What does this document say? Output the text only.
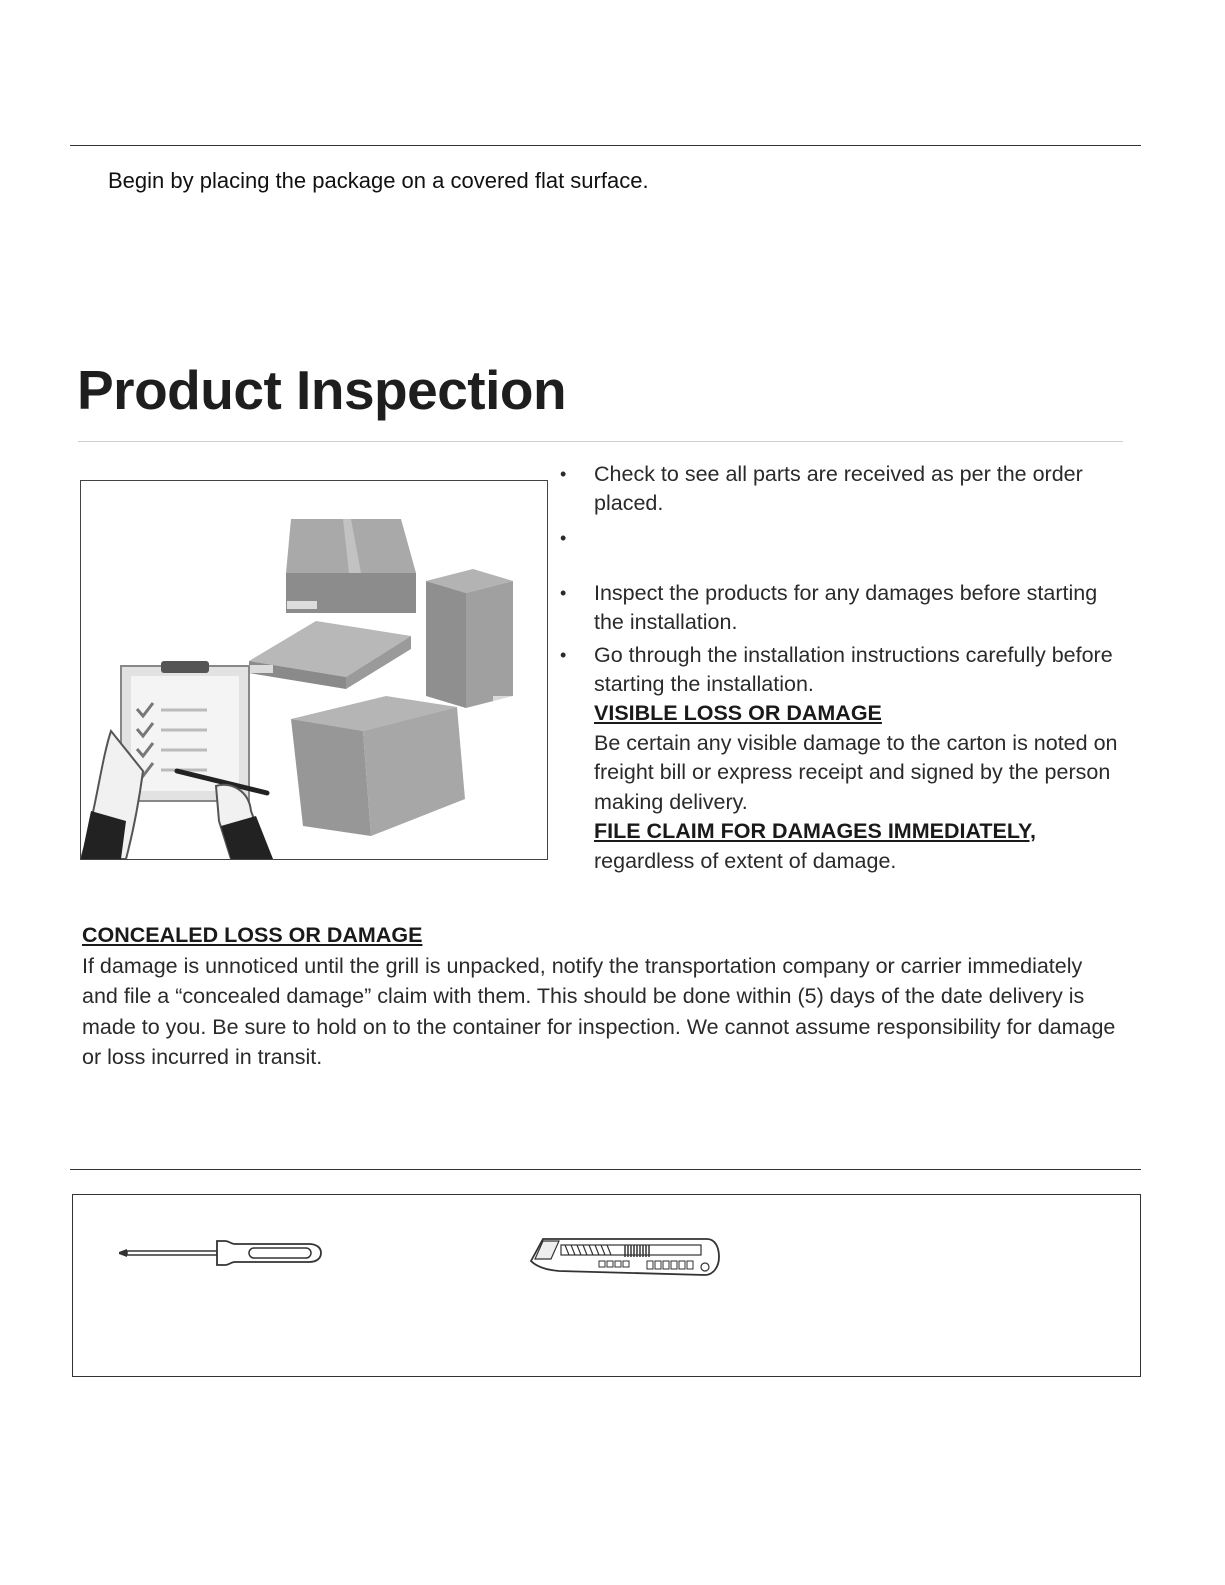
Begin by placing the package on a covered flat surface.
Product Inspection
• Check to see all parts are received as per the order placed.
•
• Inspect the products for any damages before starting the installation.
• Go through the installation instructions carefully before starting the installation.
VISIBLE LOSS OR DAMAGE
Be certain any visible damage to the carton is noted on freight bill or express receipt and signed by the person making delivery.
FILE CLAIM FOR DAMAGES IMMEDIATELY,
regardless of extent of damage.
CONCEALED LOSS OR DAMAGE
If damage is unnoticed until the grill is unpacked, notify the transportation company or carrier immediately and file a “concealed damage” claim with them. This should be done within (5) days of the date delivery is made to you. Be sure to hold on to the container for inspection. We cannot assume responsibility for damage or loss incurred in transit.
